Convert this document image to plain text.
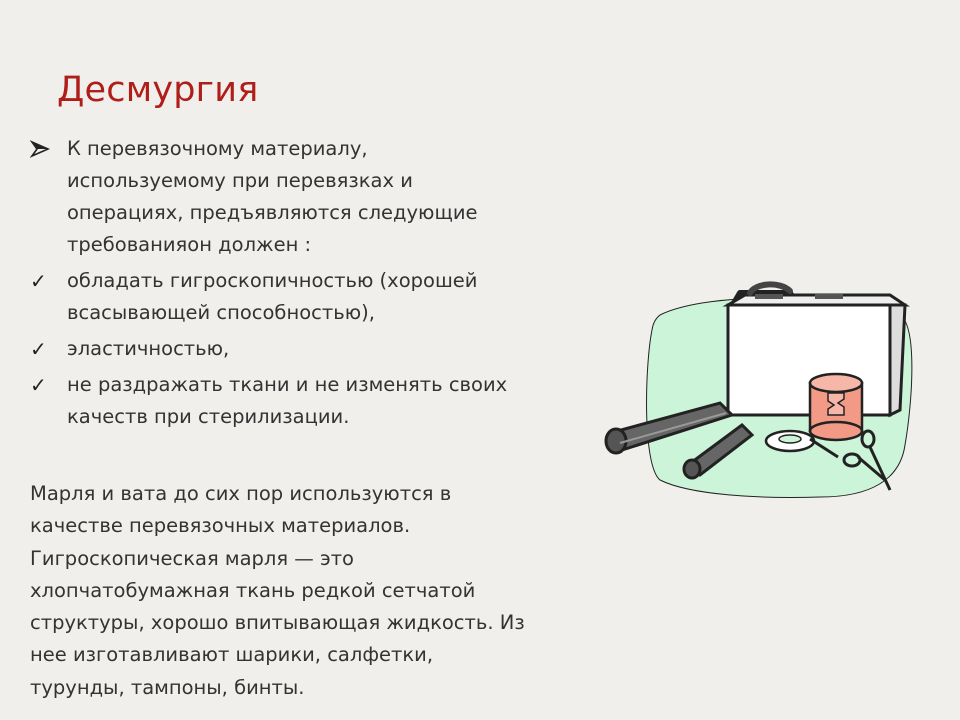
Десмургия
К перевязочному материалу, используемому при перевязках и операциях, предъявляются следующие требованияон должен :
✓	обладать гигроскопичностью (хорошей всасывающей способностью),
✓	эластичностью,
✓	не раздражать ткани и не изменять своих качеств при стерилизации.
Марля и вата до сих пор используются в качестве перевязочных материалов. Гигроскопическая марля — это хлопчатобумажная ткань редкой сетчатой структуры, хорошо впитывающая жидкость. Из нее изготавливают шарики, салфетки, турунды, тампоны, бинты.
